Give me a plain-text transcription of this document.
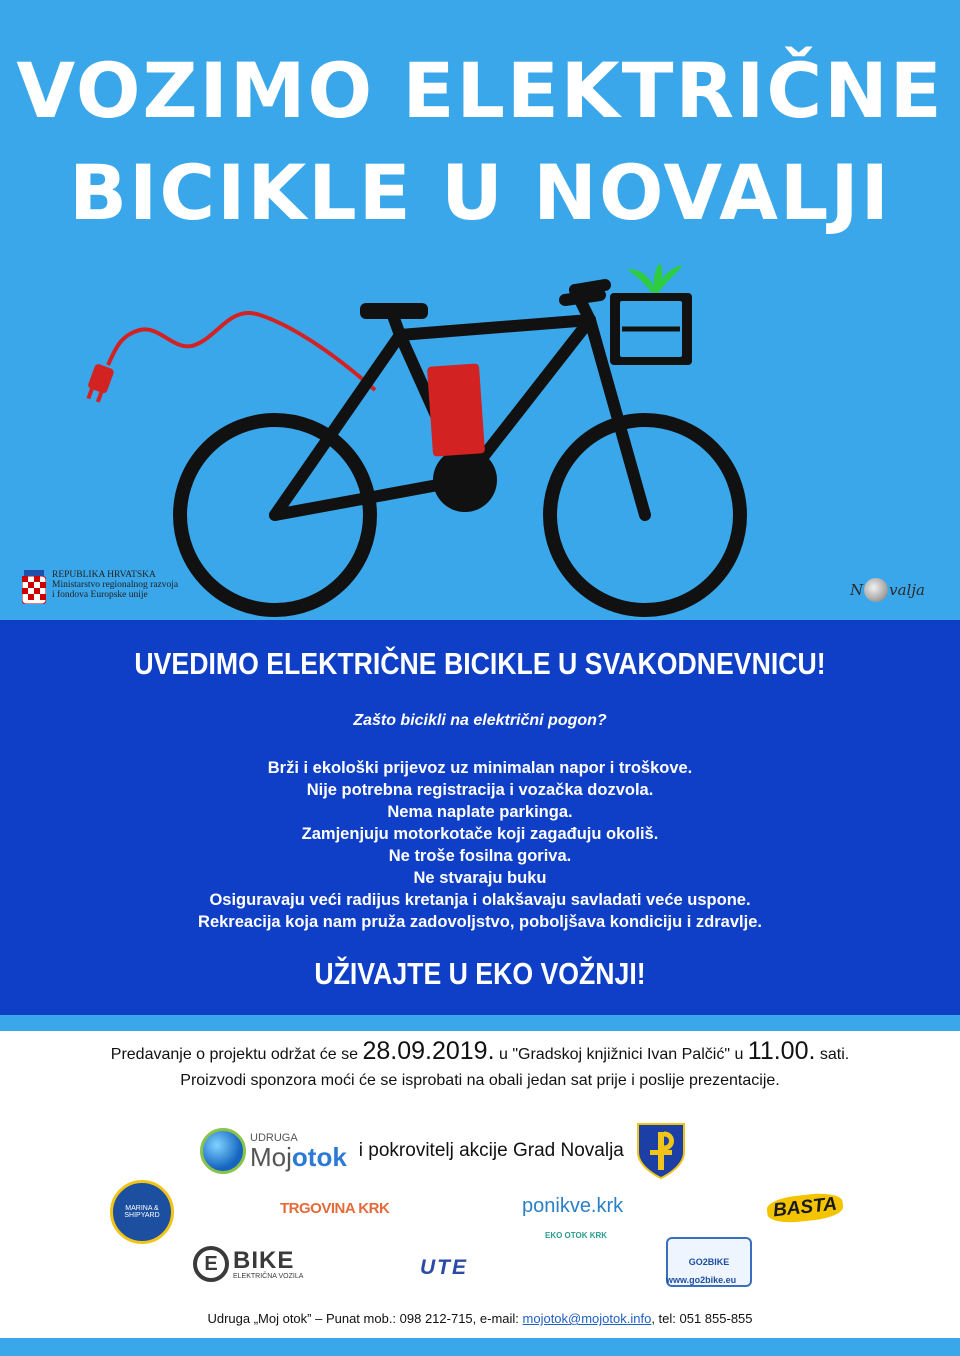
VOZIMO ELEKTRIČNE
BICIKLE U NOVALJI
REPUBLIKA HRVATSKA
Ministarstvo regionalnog razvoja
i fondova Europske unije	N valja
UVEDIMO ELEKTRIČNE BICIKLE U SVAKODNEVNICU!
Zašto bicikli na električni pogon?
Brži i ekološki prijevoz uz minimalan napor i troškove.
Nije potrebna registracija i vozačka dozvola.
Nema naplate parkinga.
Zamjenjuju motorkotače koji zagađuju okoliš.
Ne troše fosilna goriva.
Ne stvaraju buku
Osiguravaju veći radijus kretanja i olakšavaju savladati veće uspone.
Rekreacija koja nam pruža zadovoljstvo, poboljšava kondiciju i zdravlje.
UŽIVAJTE U EKO VOŽNJI!
Predavanje o projektu održat će se 28.09.2019. u "Gradskoj knjižnici Ivan Palčić" u 11.00. sati.
Proizvodi sponzora moći će se isprobati na obali jedan sat prije i poslije prezentacije.
UDRUGA
Mojotok i pokrovitelj akcije Grad Novalja
MARINA & SHIPYARD	TRGOVINA KRK	ponikve.krk
EKO OTOK KRK
BASTA
E BIKE
ELEKTRIČNA VOZILA	UTE	GO2BIKE
www.go2bike.eu
Udruga „Moj otok” – Punat mob.: 098 212-715, e-mail: mojotok@mojotok.info, tel: 051 855-855
